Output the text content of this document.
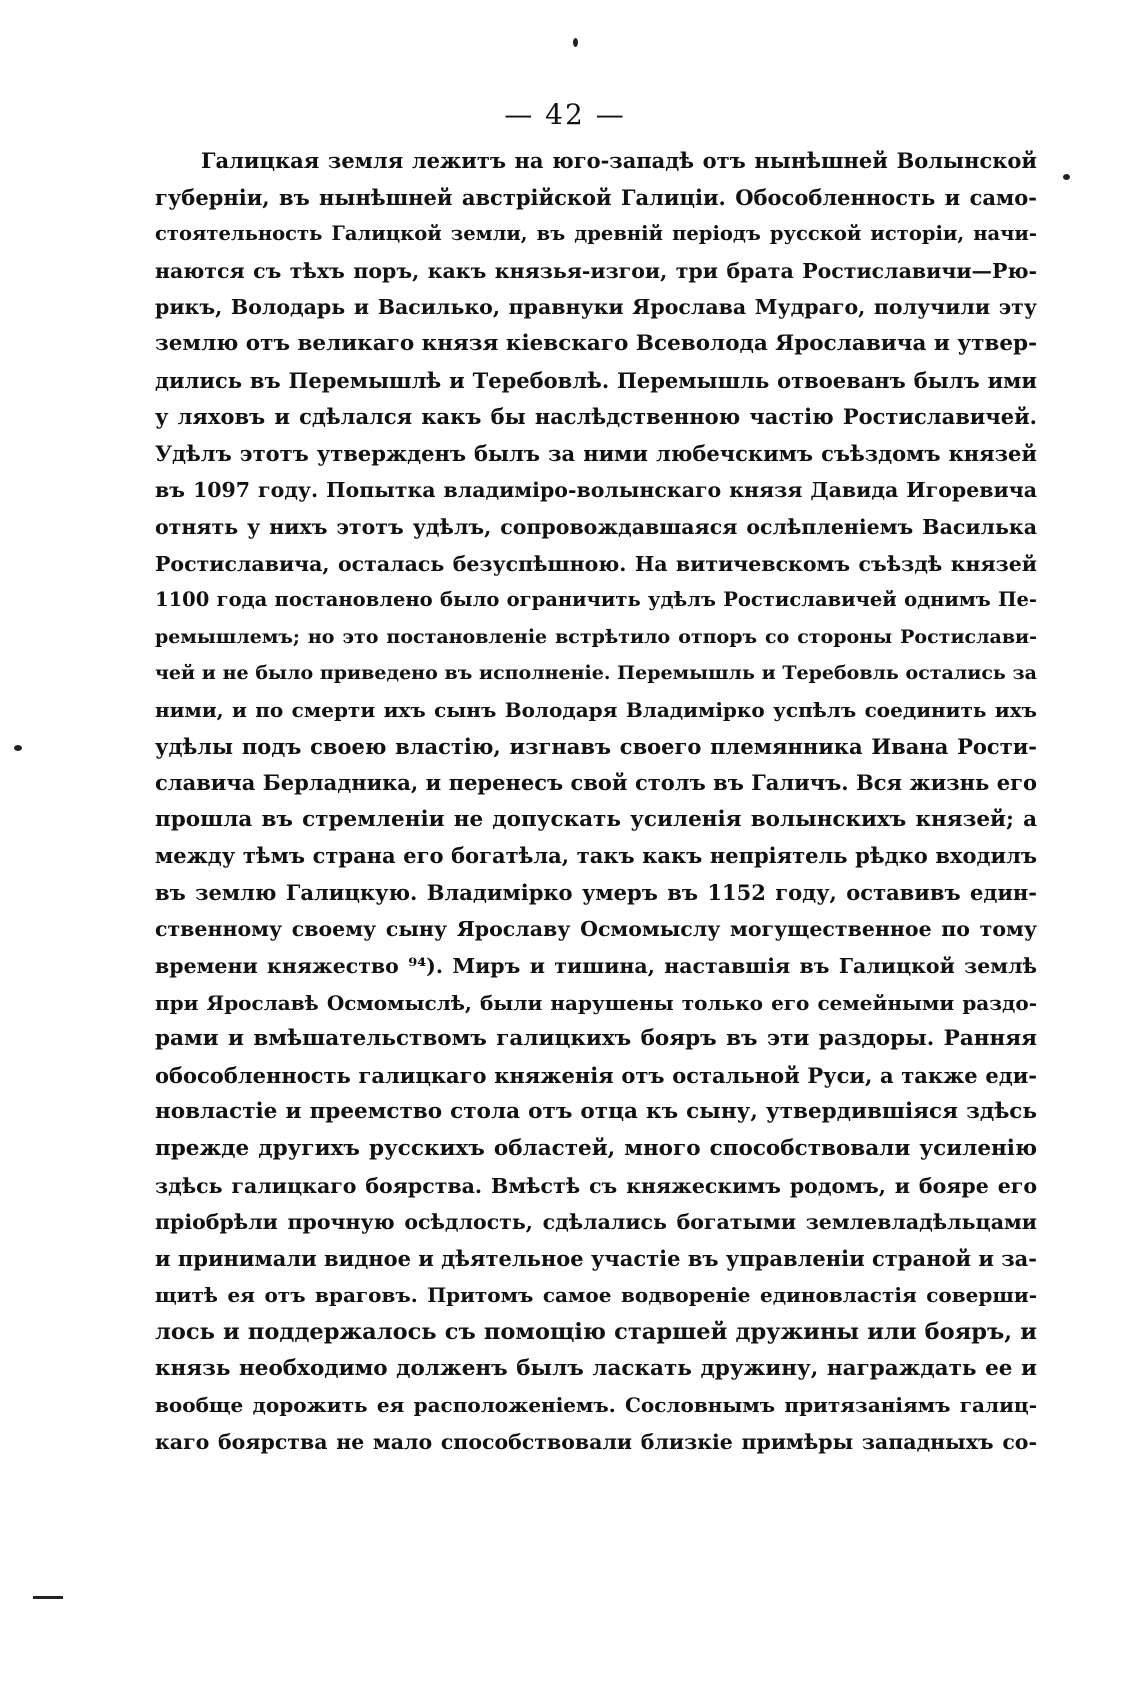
— 42 —
Галицкая земля лежитъ на юго-западѣ отъ нынѣшней Волынской
губерніи, въ нынѣшней австрійской Галиціи. Обособленность и само-
стоятельность Галицкой земли, въ древній періодъ русской исторіи, начи-
наются съ тѣхъ поръ, какъ князья-изгои, три брата Ростиславичи—Рю-
рикъ, Володарь и Василько, правнуки Ярослава Мудраго, получили эту
землю отъ великаго князя кіевскаго Всеволода Ярославича и утвер-
дились въ Перемышлѣ и Теребовлѣ. Перемышль отвоеванъ былъ ими
у ляховъ и сдѣлался какъ бы наслѣдственною частію Ростиславичей.
Удѣлъ этотъ утвержденъ былъ за ними любечскимъ съѣздомъ князей
въ 1097 году. Попытка владиміро-волынскаго князя Давида Игоревича
отнять у нихъ этотъ удѣлъ, сопровождавшаяся ослѣпленіемъ Василька
Ростиславича, осталась безуспѣшною. На витичевскомъ съѣздѣ князей
1100 года постановлено было ограничить удѣлъ Ростиславичей однимъ Пе-
ремышлемъ; но это постановленіе встрѣтило отпоръ со стороны Ростислави-
чей и не было приведено въ исполненіе. Перемышль и Теребовль остались за
ними, и по смерти ихъ сынъ Володаря Владимірко успѣлъ соединить ихъ
удѣлы подъ своею властію, изгнавъ своего племянника Ивана Рости-
славича Берладника, и перенесъ свой столъ въ Галичъ. Вся жизнь его
прошла въ стремленіи не допускать усиленія волынскихъ князей; а
между тѣмъ страна его богатѣла, такъ какъ непріятель рѣдко входилъ
въ землю Галицкую. Владимірко умеръ въ 1152 году, оставивъ един-
ственному своему сыну Ярославу Осмомыслу могущественное по тому
времени княжество ⁹⁴). Миръ и тишина, наставшія въ Галицкой землѣ
при Ярославѣ Осмомыслѣ, были нарушены только его семейными раздо-
рами и вмѣшательствомъ галицкихъ бояръ въ эти раздоры. Ранняя
обособленность галицкаго княженія отъ остальной Руси, а также еди-
новластіе и преемство стола отъ отца къ сыну, утвердившіяся здѣсь
прежде другихъ русскихъ областей, много способствовали усиленію
здѣсь галицкаго боярства. Вмѣстѣ съ княжескимъ родомъ, и бояре его
пріобрѣли прочную осѣдлость, сдѣлались богатыми землевладѣльцами
и принимали видное и дѣятельное участіе въ управленіи страной и за-
щитѣ ея отъ враговъ. Притомъ самое водвореніе единовластія соверши-
лось и поддержалось съ помощію старшей дружины или бояръ, и
князь необходимо долженъ былъ ласкать дружину, награждать ее и
вообще дорожить ея расположеніемъ. Сословнымъ притязаніямъ галиц-
каго боярства не мало способствовали близкіе примѣры западныхъ со-
